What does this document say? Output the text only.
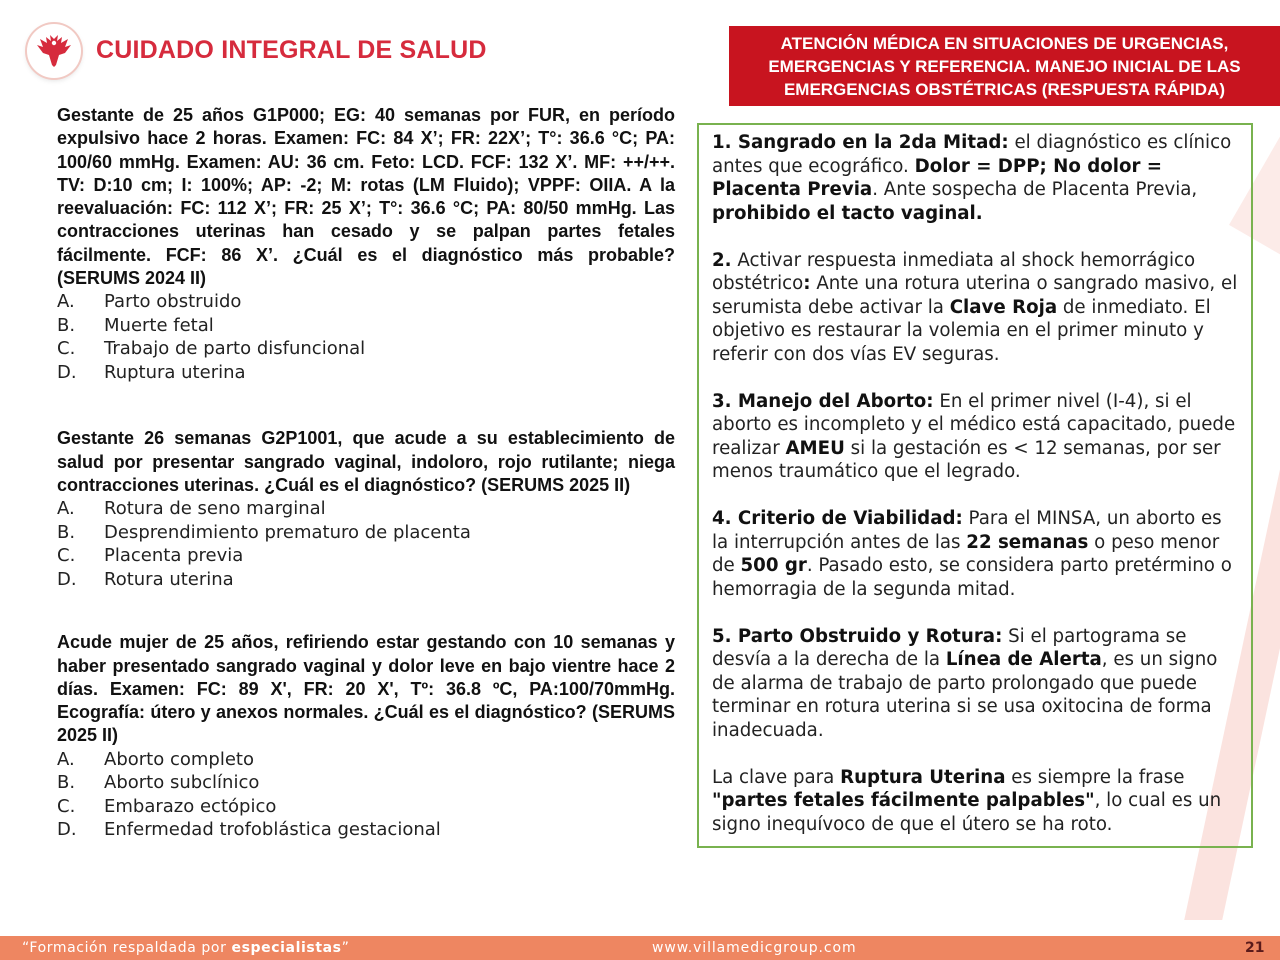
CUIDADO INTEGRAL DE SALUD	ATENCIÓN MÉDICA EN SITUACIONES DE URGENCIAS,
EMERGENCIAS Y REFERENCIA. MANEJO INICIAL DE LAS
EMERGENCIAS OBSTÉTRICAS (RESPUESTA RÁPIDA)
Gestante de 25 años G1P000; EG: 40 semanas por FUR, en período expulsivo hace 2 horas. Examen: FC: 84 X’; FR: 22X’; T°: 36.6 °C; PA: 100/60 mmHg. Examen: AU: 36 cm. Feto: LCD. FCF: 132 X’. MF: ++/++. TV: D:10 cm; I: 100%; AP: -2; M: rotas (LM Fluido); VPPF: OIIA. A la reevaluación: FC: 112 X’; FR: 25 X’; T°: 36.6 °C; PA: 80/50 mmHg. Las contracciones uterinas han cesado y se palpan partes fetales fácilmente. FCF: 86 X’. ¿Cuál es el diagnóstico más probable? (SERUMS 2024 II)
A.	Parto obstruido
B.	Muerte fetal
C.	Trabajo de parto disfuncional
D.	Ruptura uterina
Gestante 26 semanas G2P1001, que acude a su establecimiento de salud por presentar sangrado vaginal, indoloro, rojo rutilante; niega contracciones uterinas. ¿Cuál es el diagnóstico? (SERUMS 2025 II)
A.	Rotura de seno marginal
B.	Desprendimiento prematuro de placenta
C.	Placenta previa
D.	Rotura uterina
Acude mujer de 25 años, refiriendo estar gestando con 10 semanas y haber presentado sangrado vaginal y dolor leve en bajo vientre hace 2 días. Examen: FC: 89 X', FR: 20 X', Tº: 36.8 ºC, PA:100/70mmHg. Ecografía: útero y anexos normales. ¿Cuál es el diagnóstico? (SERUMS 2025 II)
A.	Aborto completo
B.	Aborto subclínico
C.	Embarazo ectópico
D.	Enfermedad trofoblástica gestacional

1. Sangrado en la 2da Mitad: el diagnóstico es clínico antes que ecográfico. Dolor = DPP; No dolor = Placenta Previa. Ante sospecha de Placenta Previa, prohibido el tacto vaginal.

2. Activar respuesta inmediata al shock hemorrágico obstétrico: Ante una rotura uterina o sangrado masivo, el serumista debe activar la Clave Roja de inmediato. El objetivo es restaurar la volemia en el primer minuto y referir con dos vías EV seguras.

3. Manejo del Aborto: En el primer nivel (I-4), si el aborto es incompleto y el médico está capacitado, puede realizar AMEU si la gestación es < 12 semanas, por ser menos traumático que el legrado.

4. Criterio de Viabilidad: Para el MINSA, un aborto es la interrupción antes de las 22 semanas o peso menor de 500 gr. Pasado esto, se considera parto pretérmino o hemorragia de la segunda mitad.

5. Parto Obstruido y Rotura: Si el partograma se desvía a la derecha de la Línea de Alerta, es un signo de alarma de trabajo de parto prolongado que puede terminar en rotura uterina si se usa oxitocina de forma inadecuada.

La clave para Ruptura Uterina es siempre la frase "partes fetales fácilmente palpables", lo cual es un signo inequívoco de que el útero se ha roto.

“Formación respaldada por especialistas”	www.villamedicgroup.com	21
